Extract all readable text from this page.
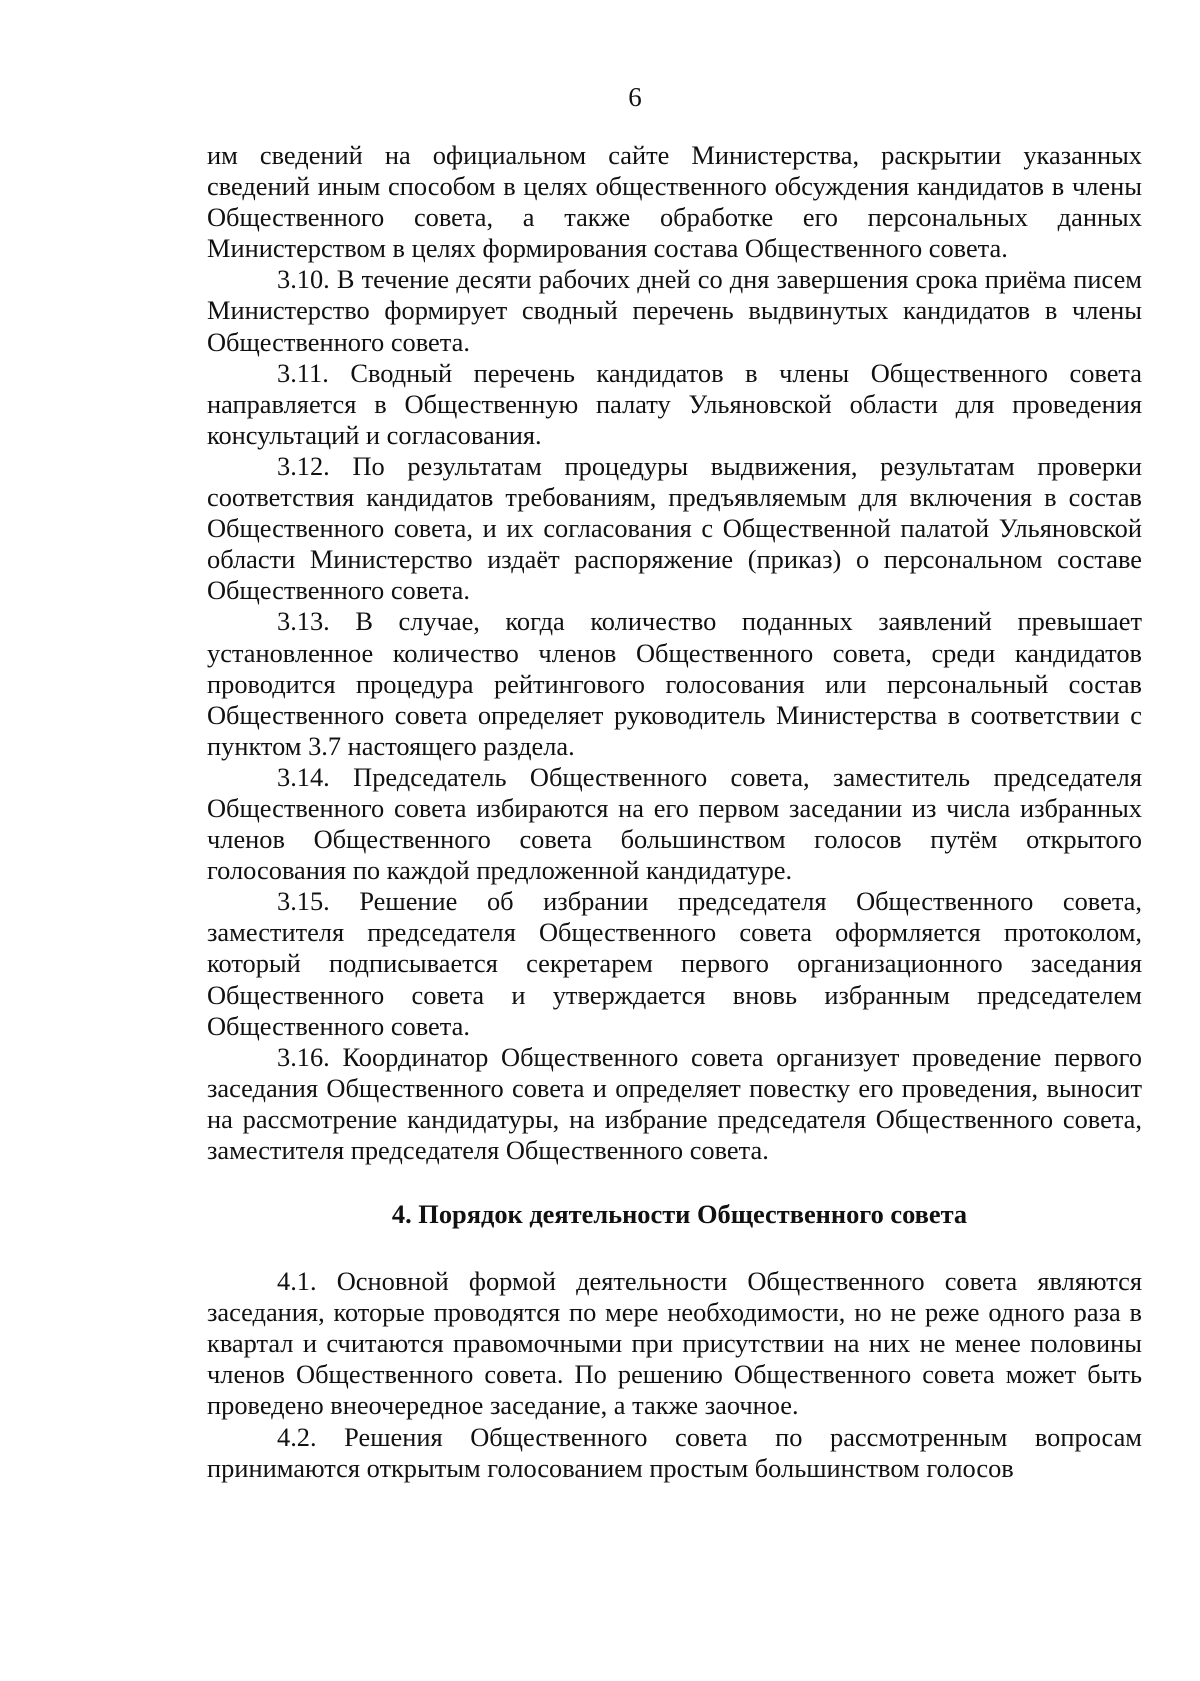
6

им сведений на официальном сайте Министерства, раскрытии указанных сведений иным способом в целях общественного обсуждения кандидатов в члены Общественного совета, а также обработке его персональных данных Министерством в целях формирования состава Общественного совета.

3.10. В течение десяти рабочих дней со дня завершения срока приёма писем Министерство формирует сводный перечень выдвинутых кандидатов в члены Общественного совета.

3.11. Сводный перечень кандидатов в члены Общественного совета направляется в Общественную палату Ульяновской области для проведения консультаций и согласования.

3.12. По результатам процедуры выдвижения, результатам проверки соответствия кандидатов требованиям, предъявляемым для включения в состав Общественного совета, и их согласования с Общественной палатой Ульяновской области Министерство издаёт распоряжение (приказ) о персональном составе Общественного совета.

3.13. В случае, когда количество поданных заявлений превышает установленное количество членов Общественного совета, среди кандидатов проводится процедура рейтингового голосования или персональный состав Общественного совета определяет руководитель Министерства в соответствии с пунктом 3.7 настоящего раздела.

3.14. Председатель Общественного совета, заместитель председателя Общественного совета избираются на его первом заседании из числа избранных членов Общественного совета большинством голосов путём открытого голосования по каждой предложенной кандидатуре.

3.15. Решение об избрании председателя Общественного совета, заместителя председателя Общественного совета оформляется протоколом, который подписывается секретарем первого организационного заседания Общественного совета и утверждается вновь избранным председателем Общественного совета.

3.16. Координатор Общественного совета организует проведение первого заседания Общественного совета и определяет повестку его проведения, выносит на рассмотрение кандидатуры, на избрание председателя Общественного совета, заместителя председателя Общественного совета.

4. Порядок деятельности Общественного совета

4.1. Основной формой деятельности Общественного совета являются заседания, которые проводятся по мере необходимости, но не реже одного раза в квартал и считаются правомочными при присутствии на них не менее половины членов Общественного совета. По решению Общественного совета может быть проведено внеочередное заседание, а также заочное.

4.2. Решения Общественного совета по рассмотренным вопросам принимаются открытым голосованием простым большинством голосов
